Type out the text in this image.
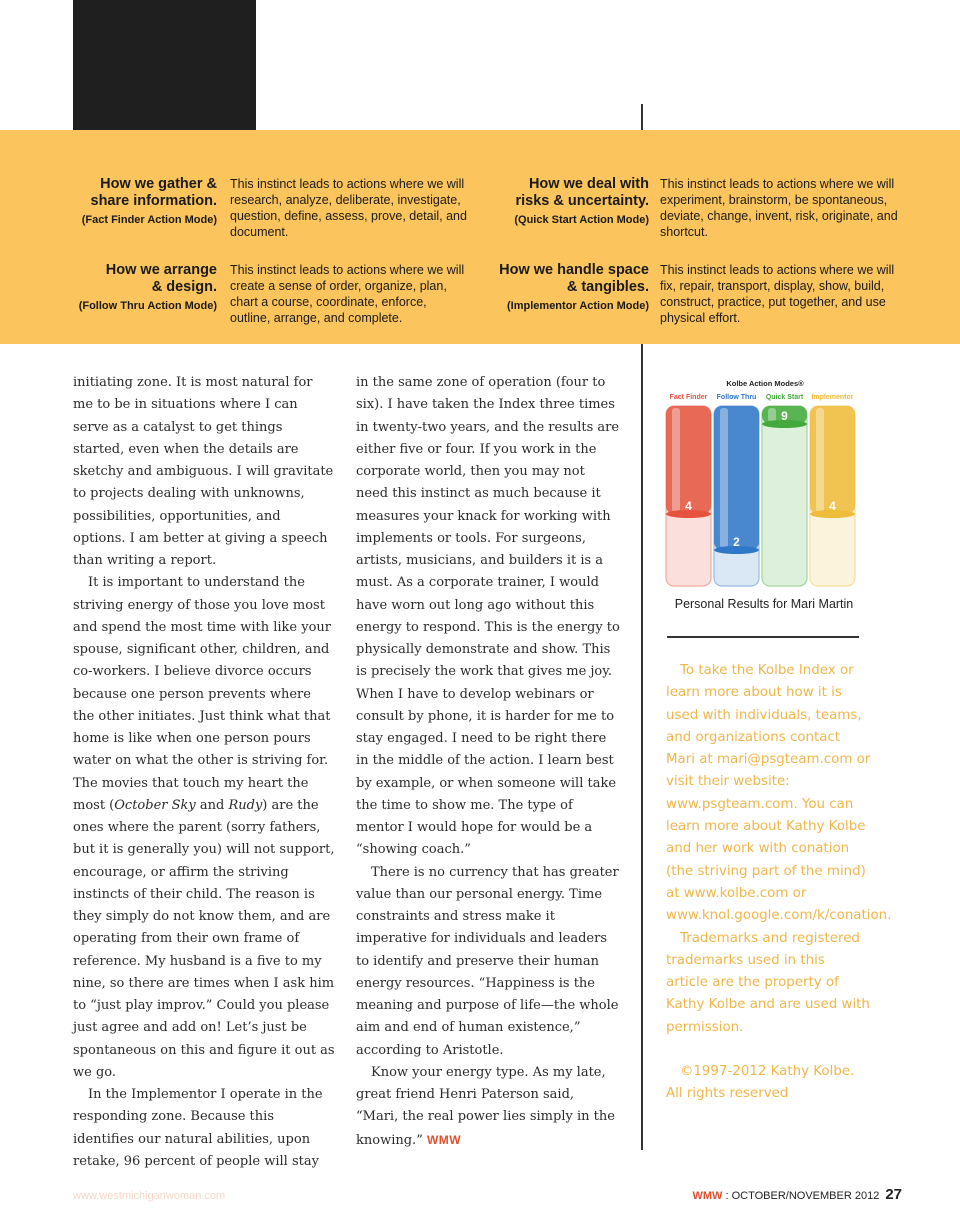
How we gather &
share information.
(Fact Finder Action Mode)
This instinct leads to actions where we will research, analyze, deliberate, investigate, question, define, assess, prove, detail, and document.
How we deal with
risks & uncertainty.
(Quick Start Action Mode)
This instinct leads to actions where we will experiment, brainstorm, be spontaneous, deviate, change, invent, risk, originate, and shortcut.
How we arrange
& design.
(Follow Thru Action Mode)
This instinct leads to actions where we will create a sense of order, organize, plan, chart a course, coordinate, enforce, outline, arrange, and complete.
How we handle space
& tangibles.
(Implementor Action Mode)
This instinct leads to actions where we will fix, repair, transport, display, show, build, construct, practice, put together, and use physical effort.

initiating zone. It is most natural for me to be in situations where I can serve as a catalyst to get things started, even when the details are sketchy and ambiguous. I will gravitate to projects dealing with unknowns, possibilities, opportunities, and options. I am better at giving a speech than writing a report.

It is important to understand the striving energy of those you love most and spend the most time with like your spouse, significant other, children, and co-workers. I believe divorce occurs because one person prevents where the other initiates. Just think what that home is like when one person pours water on what the other is striving for. The movies that touch my heart the most (October Sky and Rudy) are the ones where the parent (sorry fathers, but it is generally you) will not support, encourage, or affirm the striving instincts of their child. The reason is they simply do not know them, and are operating from their own frame of reference. My husband is a five to my nine, so there are times when I ask him to “just play improv.” Could you please just agree and add on! Let’s just be spontaneous on this and figure it out as we go.

In the Implementor I operate in the responding zone. Because this identifies our natural abilities, upon retake, 96 percent of people will stay

in the same zone of operation (four to six). I have taken the Index three times in twenty-two years, and the results are either five or four. If you work in the corporate world, then you may not need this instinct as much because it measures your knack for working with implements or tools. For surgeons, artists, musicians, and builders it is a must. As a corporate trainer, I would have worn out long ago without this energy to respond. This is the energy to physically demonstrate and show. This is precisely the work that gives me joy. When I have to develop webinars or consult by phone, it is harder for me to stay engaged. I need to be right there in the middle of the action. I learn best by example, or when someone will take the time to show me. The type of mentor I would hope for would be a “showing coach.”

There is no currency that has greater value than our personal energy. Time constraints and stress make it imperative for individuals and leaders to identify and preserve their human energy resources. “Happiness is the meaning and purpose of life—the whole aim and end of human existence,” according to Aristotle.

Know your energy type. As my late, great friend Henri Paterson said, “Mari, the real power lies simply in the knowing.” WMW

Kolbe Action Modes®
Fact Finder
4
Follow Thru
2
Quick Start
9
Implementor
4
Personal Results for Mari Martin

To take the Kolbe Index or learn more about how it is used with individuals, teams, and organizations contact Mari at mari@psgteam.com or visit their website: www.psgteam.com. You can learn more about Kathy Kolbe and her work with conation (the striving part of the mind) at www.kolbe.com or www.knol.google.com/k/conation.

Trademarks and registered trademarks used in this article are the property of Kathy Kolbe and are used with permission.

©1997-2012 Kathy Kolbe. All rights reserved

www.westmichiganwoman.com	WMW : OCTOBER/NOVEMBER 2012 27
